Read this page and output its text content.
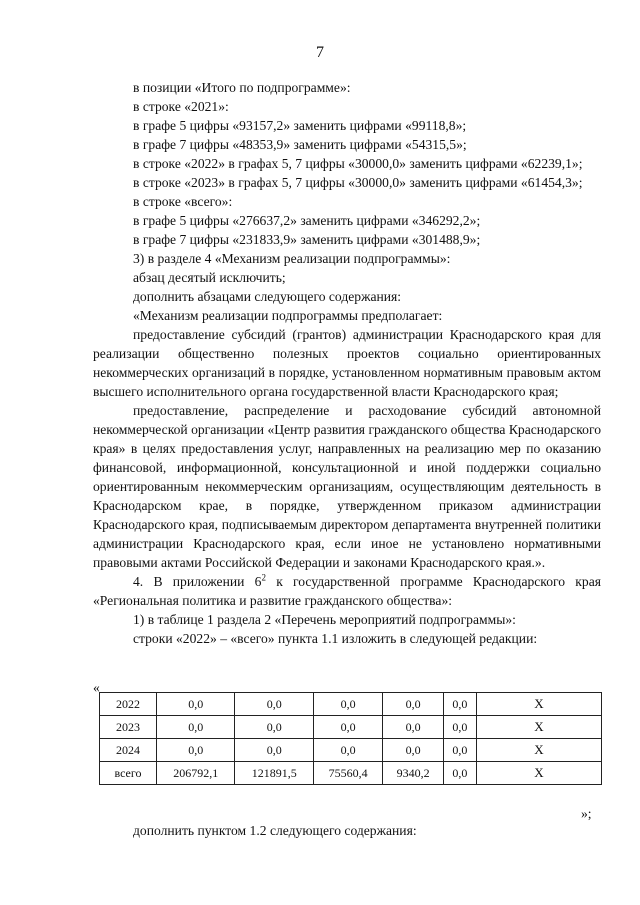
7

в позиции «Итого по подпрограмме»:

в строке «2021»:

в графе 5 цифры «93157,2» заменить цифрами «99118,8»;

в графе 7 цифры «48353,9» заменить цифрами «54315,5»;

в строке «2022» в графах 5, 7 цифры «30000,0» заменить цифрами «62239,1»;

в строке «2023» в графах 5, 7 цифры «30000,0» заменить цифрами «61454,3»;

в строке «всего»:

в графе 5 цифры «276637,2» заменить цифрами «346292,2»;

в графе 7 цифры «231833,9» заменить цифрами «301488,9»;

3) в разделе 4 «Механизм реализации подпрограммы»:

абзац десятый исключить;

дополнить абзацами следующего содержания:

«Механизм реализации подпрограммы предполагает:

предоставление субсидий (грантов) администрации Краснодарского края для реализации общественно полезных проектов социально ориентированных некоммерческих организаций в порядке, установленном нормативным правовым актом высшего исполнительного органа государственной власти Краснодарского края;

предоставление, распределение и расходование субсидий автономной некоммерческой организации «Центр развития гражданского общества Краснодарского края» в целях предоставления услуг, направленных на реализацию мер по оказанию финансовой, информационной, консультационной и иной поддержки социально ориентированным некоммерческим организациям, осуществляющим деятельность в Краснодарском крае, в порядке, утвержденном приказом администрации Краснодарского края, подписываемым директором департамента внутренней политики администрации Краснодарского края, если иное не установлено нормативными правовыми актами Российской Федерации и законами Краснодарского края.».

4. В приложении $6^2$ к государственной программе Краснодарского края «Региональная политика и развитие гражданского общества»:

1) в таблице 1 раздела 2 «Перечень мероприятий подпрограммы»:

строки «2022» – «всего» пункта 1.1 изложить в следующей редакции:

«
2022	0,0	0,0	0,0	0,0	0,0	X
2023	0,0	0,0	0,0	0,0	0,0	X
2024	0,0	0,0	0,0	0,0	0,0	X
всего	206792,1	121891,5	75560,4	9340,2	0,0	X
»;
дополнить пунктом 1.2 следующего содержания:
